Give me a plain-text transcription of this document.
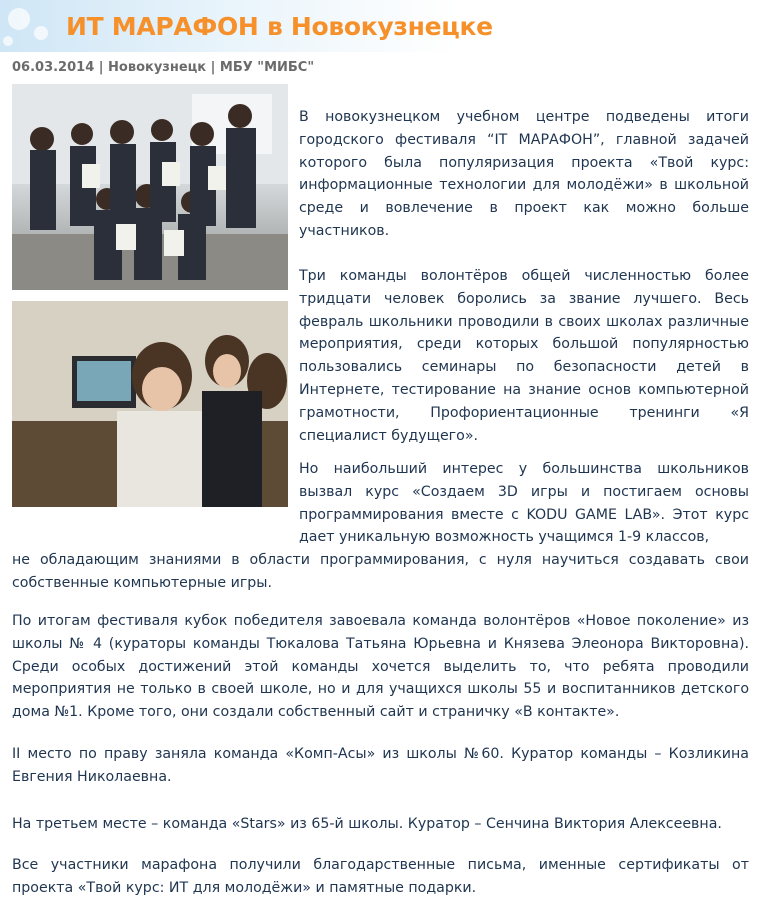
ИТ МАРАФОН в Новокузнецке
06.03.2014 | Новокузнецк | МБУ "МИБС"

В новокузнецком учебном центре подведены итоги городского фестиваля “IT МАРАФОН”, главной задачей которого была популяризация проекта «Твой курс: информационные технологии для молодёжи» в школьной среде и вовлечение в проект как можно больше участников.

Три команды волонтёров общей численностью более тридцати человек боролись за звание лучшего. Весь февраль школьники проводили в своих школах различные мероприятия, среди которых большой популярностью пользовались семинары по безопасности детей в Интернете, тестирование на знание основ компьютерной грамотности, Профориентационные тренинги «Я специалист будущего».

Но наибольший интерес у большинства школьников вызвал курс «Создаем 3D игры и постигаем основы программирования вместе с KODU GAME LAB». Этот курс дает уникальную возможность учащимся 1-9 классов,

не обладающим знаниями в области программирования, с нуля научиться создавать свои собственные компьютерные игры.

По итогам фестиваля кубок победителя завоевала команда волонтёров «Новое поколение» из школы № 4 (кураторы команды Тюкалова Татьяна Юрьевна и Князева Элеонора Викторовна). Среди особых достижений этой команды хочется выделить то, что ребята проводили мероприятия не только в своей школе, но и для учащихся школы 55 и воспитанников детского дома №1. Кроме того, они создали собственный сайт и страничку «В контакте».

II место по праву заняла команда «Комп-Асы» из школы №60. Куратор команды – Козликина Евгения Николаевна.

На третьем месте – команда «Stars» из 65-й школы. Куратор – Сенчина Виктория Алексеевна.

Все участники марафона получили благодарственные письма, именные сертификаты от проекта «Твой курс: ИТ для молодёжи» и памятные подарки.
